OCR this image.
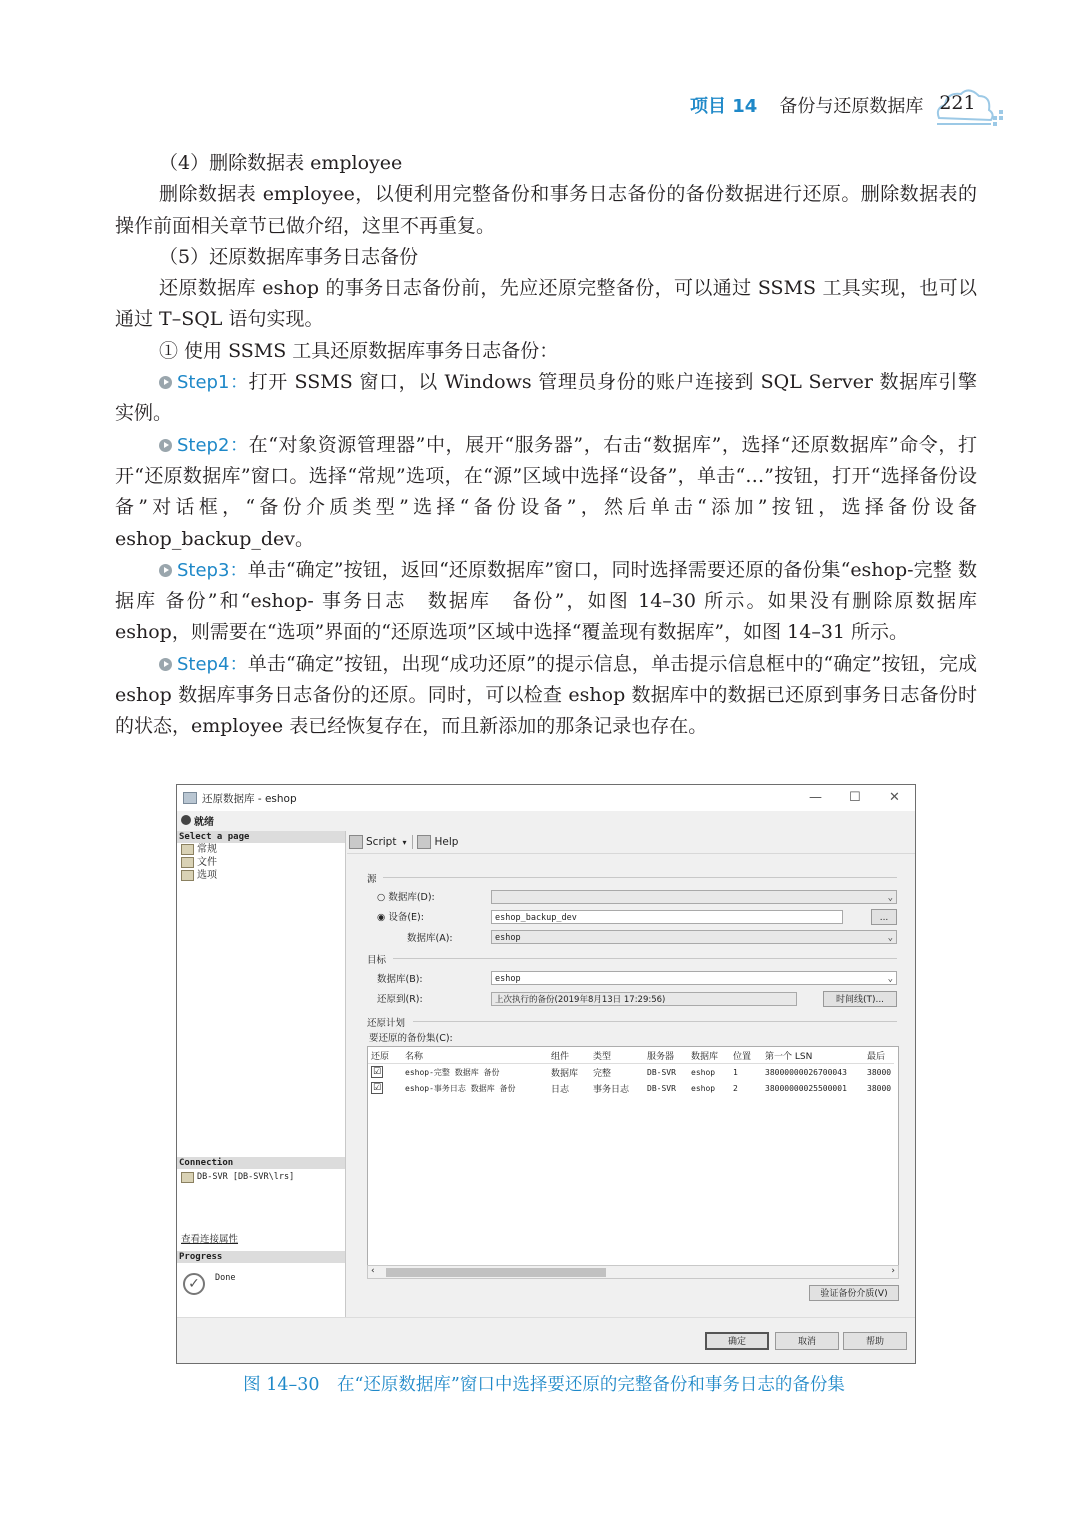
项目 14 备份与还原数据库 221

（4）删除数据表 employee

删除数据表 employee，以便利用完整备份和事务日志备份的备份数据进行还原。删除数据表的操作前面相关章节已做介绍，这里不再重复。

（5）还原数据库事务日志备份

还原数据库 eshop 的事务日志备份前，先应还原完整备份，可以通过 SSMS 工具实现，也可以通过 T–SQL 语句实现。

① 使用 SSMS 工具还原数据库事务日志备份：

Step1：打开 SSMS 窗口，以 Windows 管理员身份的账户连接到 SQL Server 数据库引擎实例。

Step2：在“对象资源管理器”中，展开“服务器”，右击“数据库”，选择“还原数据库”命令，打开“还原数据库”窗口。选择“常规”选项，在“源”区域中选择“设备”，单击“…”按钮，打开“选择备份设备”对话框，“备份介质类型”选择“备份设备”，然后单击“添加”按钮，选择备份设备 eshop_backup_dev。

Step3：单击“确定”按钮，返回“还原数据库”窗口，同时选择需要还原的备份集“eshop-完整 数据库 备份”和“eshop- 事务日志　数据库　备份”，如图 14–30 所示。如果没有删除原数据库 eshop，则需要在“选项”界面的“还原选项”区域中选择“覆盖现有数据库”，如图 14–31 所示。

Step4：单击“确定”按钮，出现“成功还原”的提示信息，单击提示信息框中的“确定”按钮，完成 eshop 数据库事务日志备份的还原。同时，可以检查 eshop 数据库中的数据已还原到事务日志备份时的状态，employee 表已经恢复存在，而且新添加的那条记录也存在。

还原数据库 - eshop	— ☐ ✕
就绪
Select a page
常规
文件
选项
Connection
DB-SVR [DB-SVR\lrs]
查看连接属性
Progress
✓	Done
Script ▾	Help
源
○ 数据库(D):	⌄
◉ 设备(E):	eshop_backup_dev	...
数据库(A):	eshop	⌄
目标
数据库(B):	eshop	⌄
还原到(R):	上次执行的备份(2019年8月13日 17:29:56)	时间线(T)...
还原计划
要还原的备份集(C):
还原	名称	组件	类型	服务器	数据库	位置	第一个 LSN	最后
☑	eshop-完整 数据库 备份	数据库	完整	DB-SVR	eshop	1	38000000026700043	38000
☑	eshop-事务日志 数据库 备份	日志	事务日志	DB-SVR	eshop	2	38000000025500001	38000
‹	›
验证备份介质(V)
确定	取消	帮助
图 14–30　在“还原数据库”窗口中选择要还原的完整备份和事务日志的备份集
